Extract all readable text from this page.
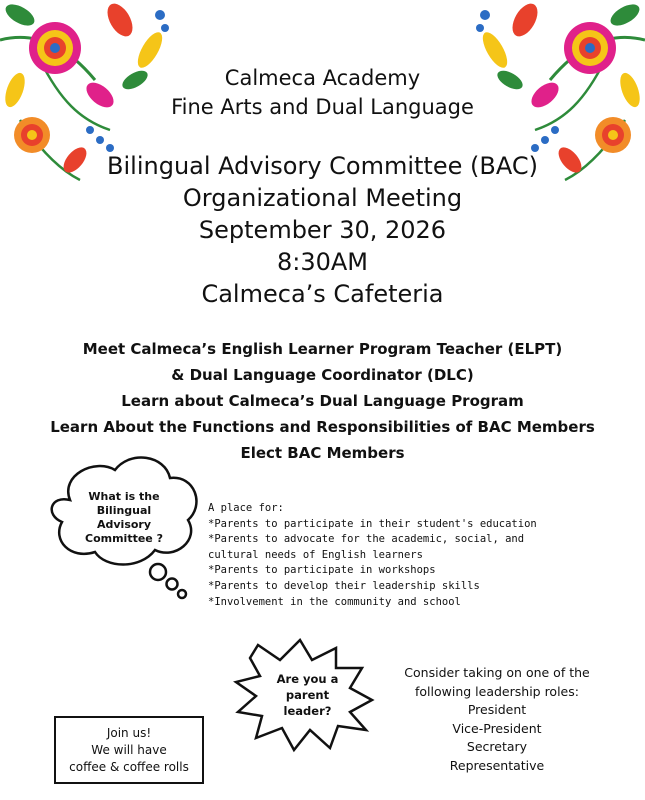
Calmeca Academy
Fine Arts and Dual Language
Bilingual Advisory Committee (BAC)
Organizational Meeting
September 30, 2026
8:30AM
Calmeca’s Cafeteria
Meet Calmeca’s English Learner Program Teacher (ELPT)
& Dual Language Coordinator (DLC)
Learn about Calmeca’s Dual Language Program
Learn About the Functions and Responsibilities of BAC Members
Elect BAC Members
What is the
Bilingual Advisory
Committee ?
A place for:
*Parents to participate in their student's education
*Parents to advocate for the academic, social, and
cultural needs of English learners
*Parents to participate in workshops
*Parents to develop their leadership skills
*Involvement in the community and school
Are you a
parent leader?
Consider taking on one of the
following leadership roles:
President
Vice-President
Secretary
Representative
Join us!
We will have
coffee & coffee rolls
